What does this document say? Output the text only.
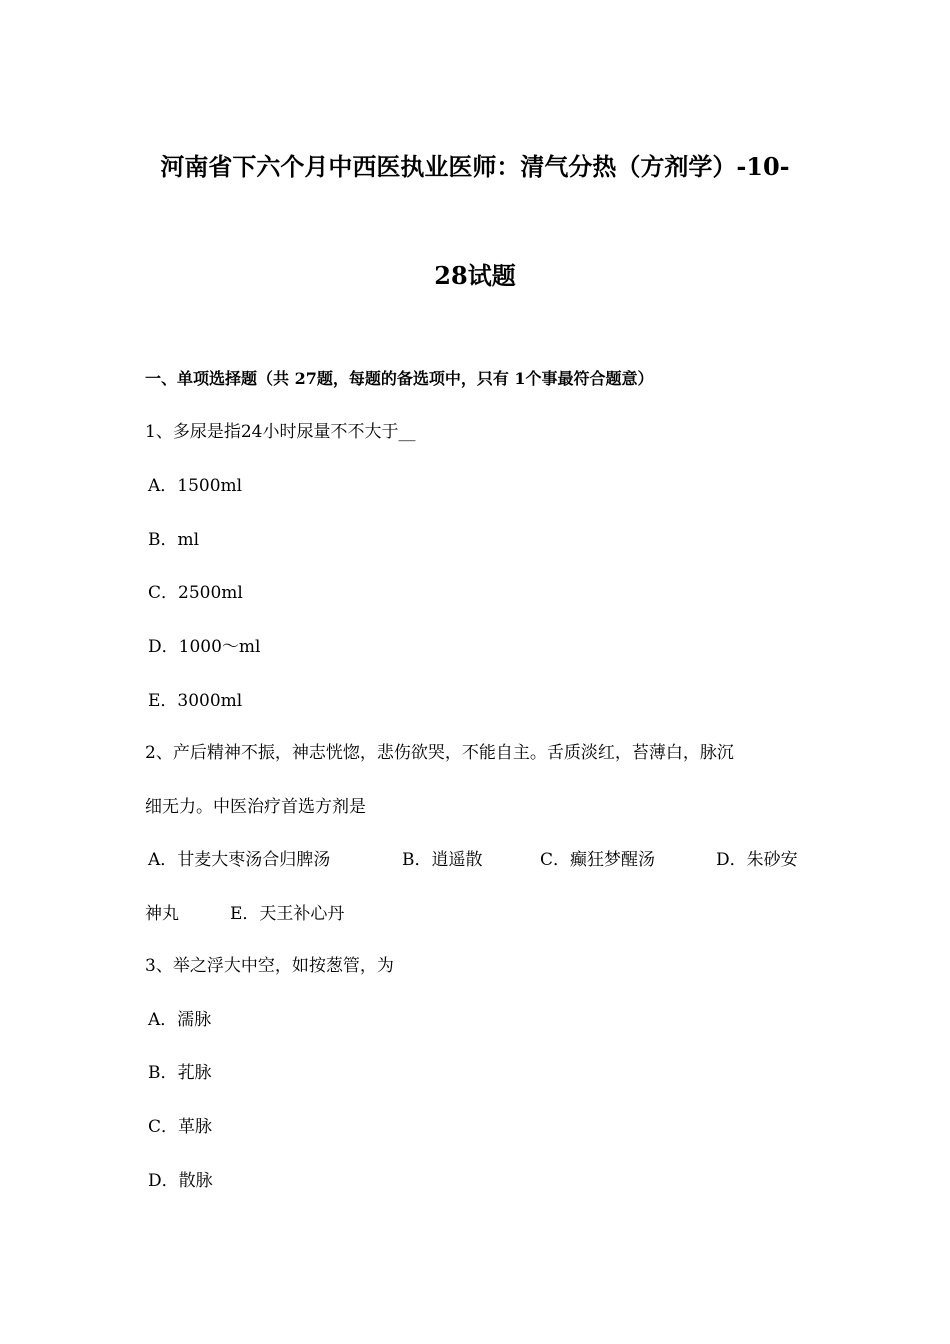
河南省下六个月中西医执业医师：清气分热（方剂学）-10-
28试题
一、单项选择题（共 27题，每题的备选项中，只有 1个事最符合题意）
1、多尿是指24小时尿量不不大于__
A．1500ml
B．ml
C．2500ml
D．1000～ml
E．3000ml
2、产后精神不振，神志恍惚，悲伤欲哭，不能自主。舌质淡红，苔薄白，脉沉
细无力。中医治疗首选方剂是
A．甘麦大枣汤合归脾汤	B．逍遥散	C．癫狂梦醒汤	D．朱砂安
神丸	E．天王补心丹
3、举之浮大中空，如按葱管，为
A．濡脉
B．芤脉
C．革脉
D．散脉
